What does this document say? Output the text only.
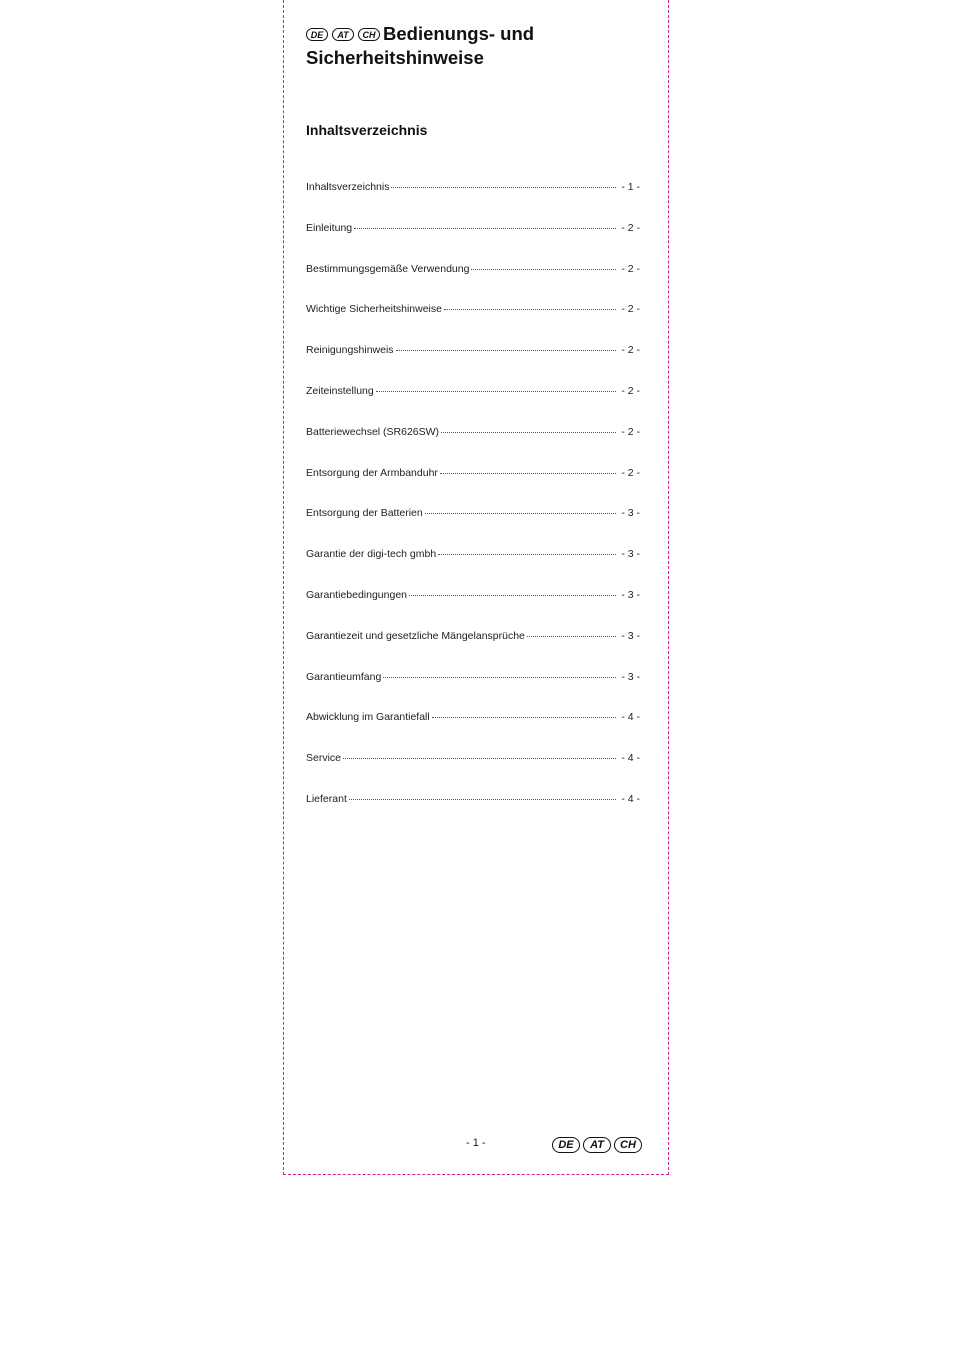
DE	AT	CH Bedienungs- und
Sicherheitshinweise
Inhaltsverzeichnis
Inhaltsverzeichnis	- 1 -
Einleitung	- 2 -
Bestimmungsgemäße Verwendung	- 2 -
Wichtige Sicherheitshinweise	- 2 -
Reinigungshinweis	- 2 -
Zeiteinstellung	- 2 -
Batteriewechsel (SR626SW)	- 2 -
Entsorgung der Armbanduhr	- 2 -
Entsorgung der Batterien	- 3 -
Garantie der digi-tech gmbh	- 3 -
Garantiebedingungen	- 3 -
Garantiezeit und gesetzliche Mängelansprüche	- 3 -
Garantieumfang	- 3 -
Abwicklung im Garantiefall	- 4 -
Service	- 4 -
Lieferant	- 4 -
- 1 -	DE	AT	CH
